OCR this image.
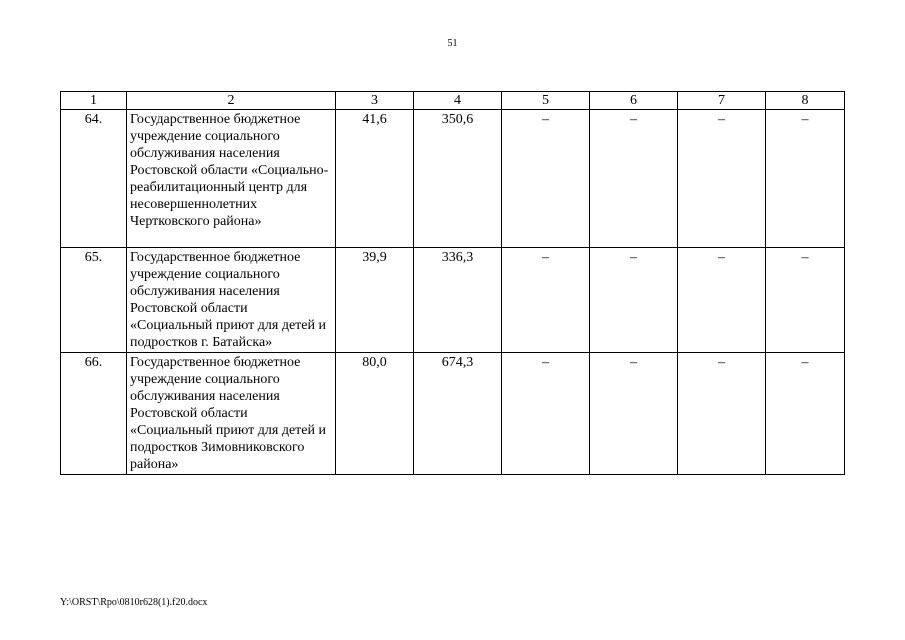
51
1	2	3	4	5	6	7	8
64.	Государственное бюджетное учреждение социального обслуживания населения Ростовской области «Социально-реабилитационный центр для несовершеннолетних Чертковского района»	41,6	350,6	–	–	–	–
65.	Государственное бюджетное учреждение социального обслуживания населения Ростовской области «Социальный приют для детей и подростков г. Батайска»	39,9	336,3	–	–	–	–
66.	Государственное бюджетное учреждение социального обслуживания населения Ростовской области «Социальный приют для детей и подростков Зимовниковского района»	80,0	674,3	–	–	–	–
Y:\ORST\Rpo\0810r628(1).f20.docx
